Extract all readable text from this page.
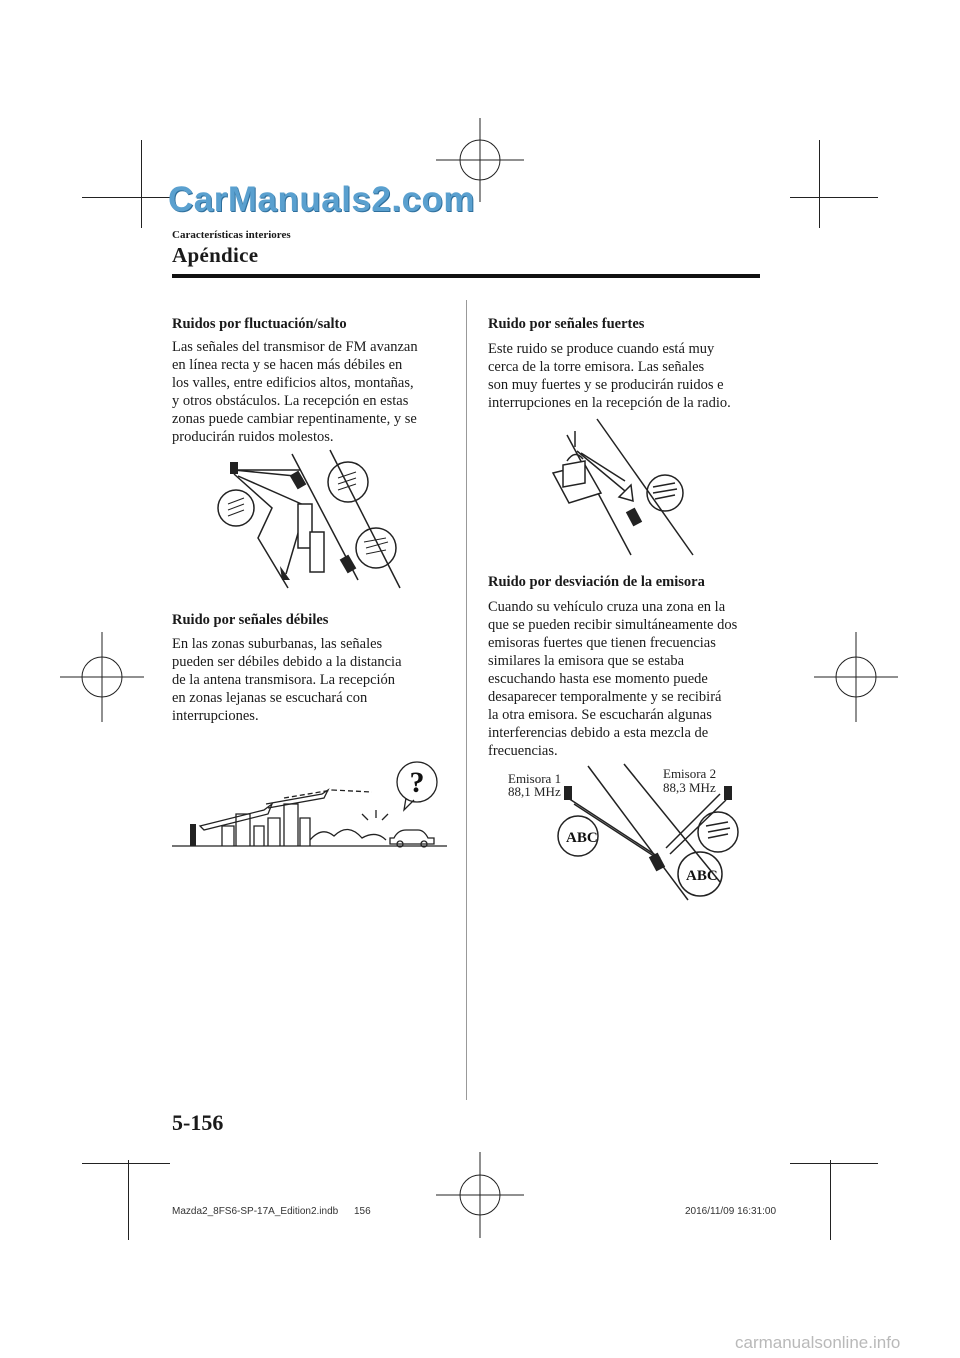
CarManuals2.com
Características interiores
Apéndice
Ruidos por fluctuación/salto
Las señales del transmisor de FM avanzan
en línea recta y se hacen más débiles en
los valles, entre edificios altos, montañas,
y otros obstáculos. La recepción en estas
zonas puede cambiar repentinamente, y se
producirán ruidos molestos.
Ruido por señales débiles
En las zonas suburbanas, las señales
pueden ser débiles debido a la distancia
de la antena transmisora. La recepción
en zonas lejanas se escuchará con
interrupciones.
?
Ruido por señales fuertes
Este ruido se produce cuando está muy
cerca de la torre emisora. Las señales
son muy fuertes y se producirán ruidos e
interrupciones en la recepción de la radio.
Ruido por desviación de la emisora
Cuando su vehículo cruza una zona en la
que se pueden recibir simultáneamente dos
emisoras fuertes que tienen frecuencias
similares la emisora que se estaba
escuchando hasta ese momento puede
desaparecer temporalmente y se recibirá
la otra emisora. Se escucharán algunas
interferencias debido a esta mezcla de
frecuencias.
Emisora 1
88,1 MHz
Emisora 2
88,3 MHz
ABC
ABC
5-156
Mazda2_8FS6-SP-17A_Edition2.indb 156	2016/11/09 16:31:00
carmanualsonline.info
